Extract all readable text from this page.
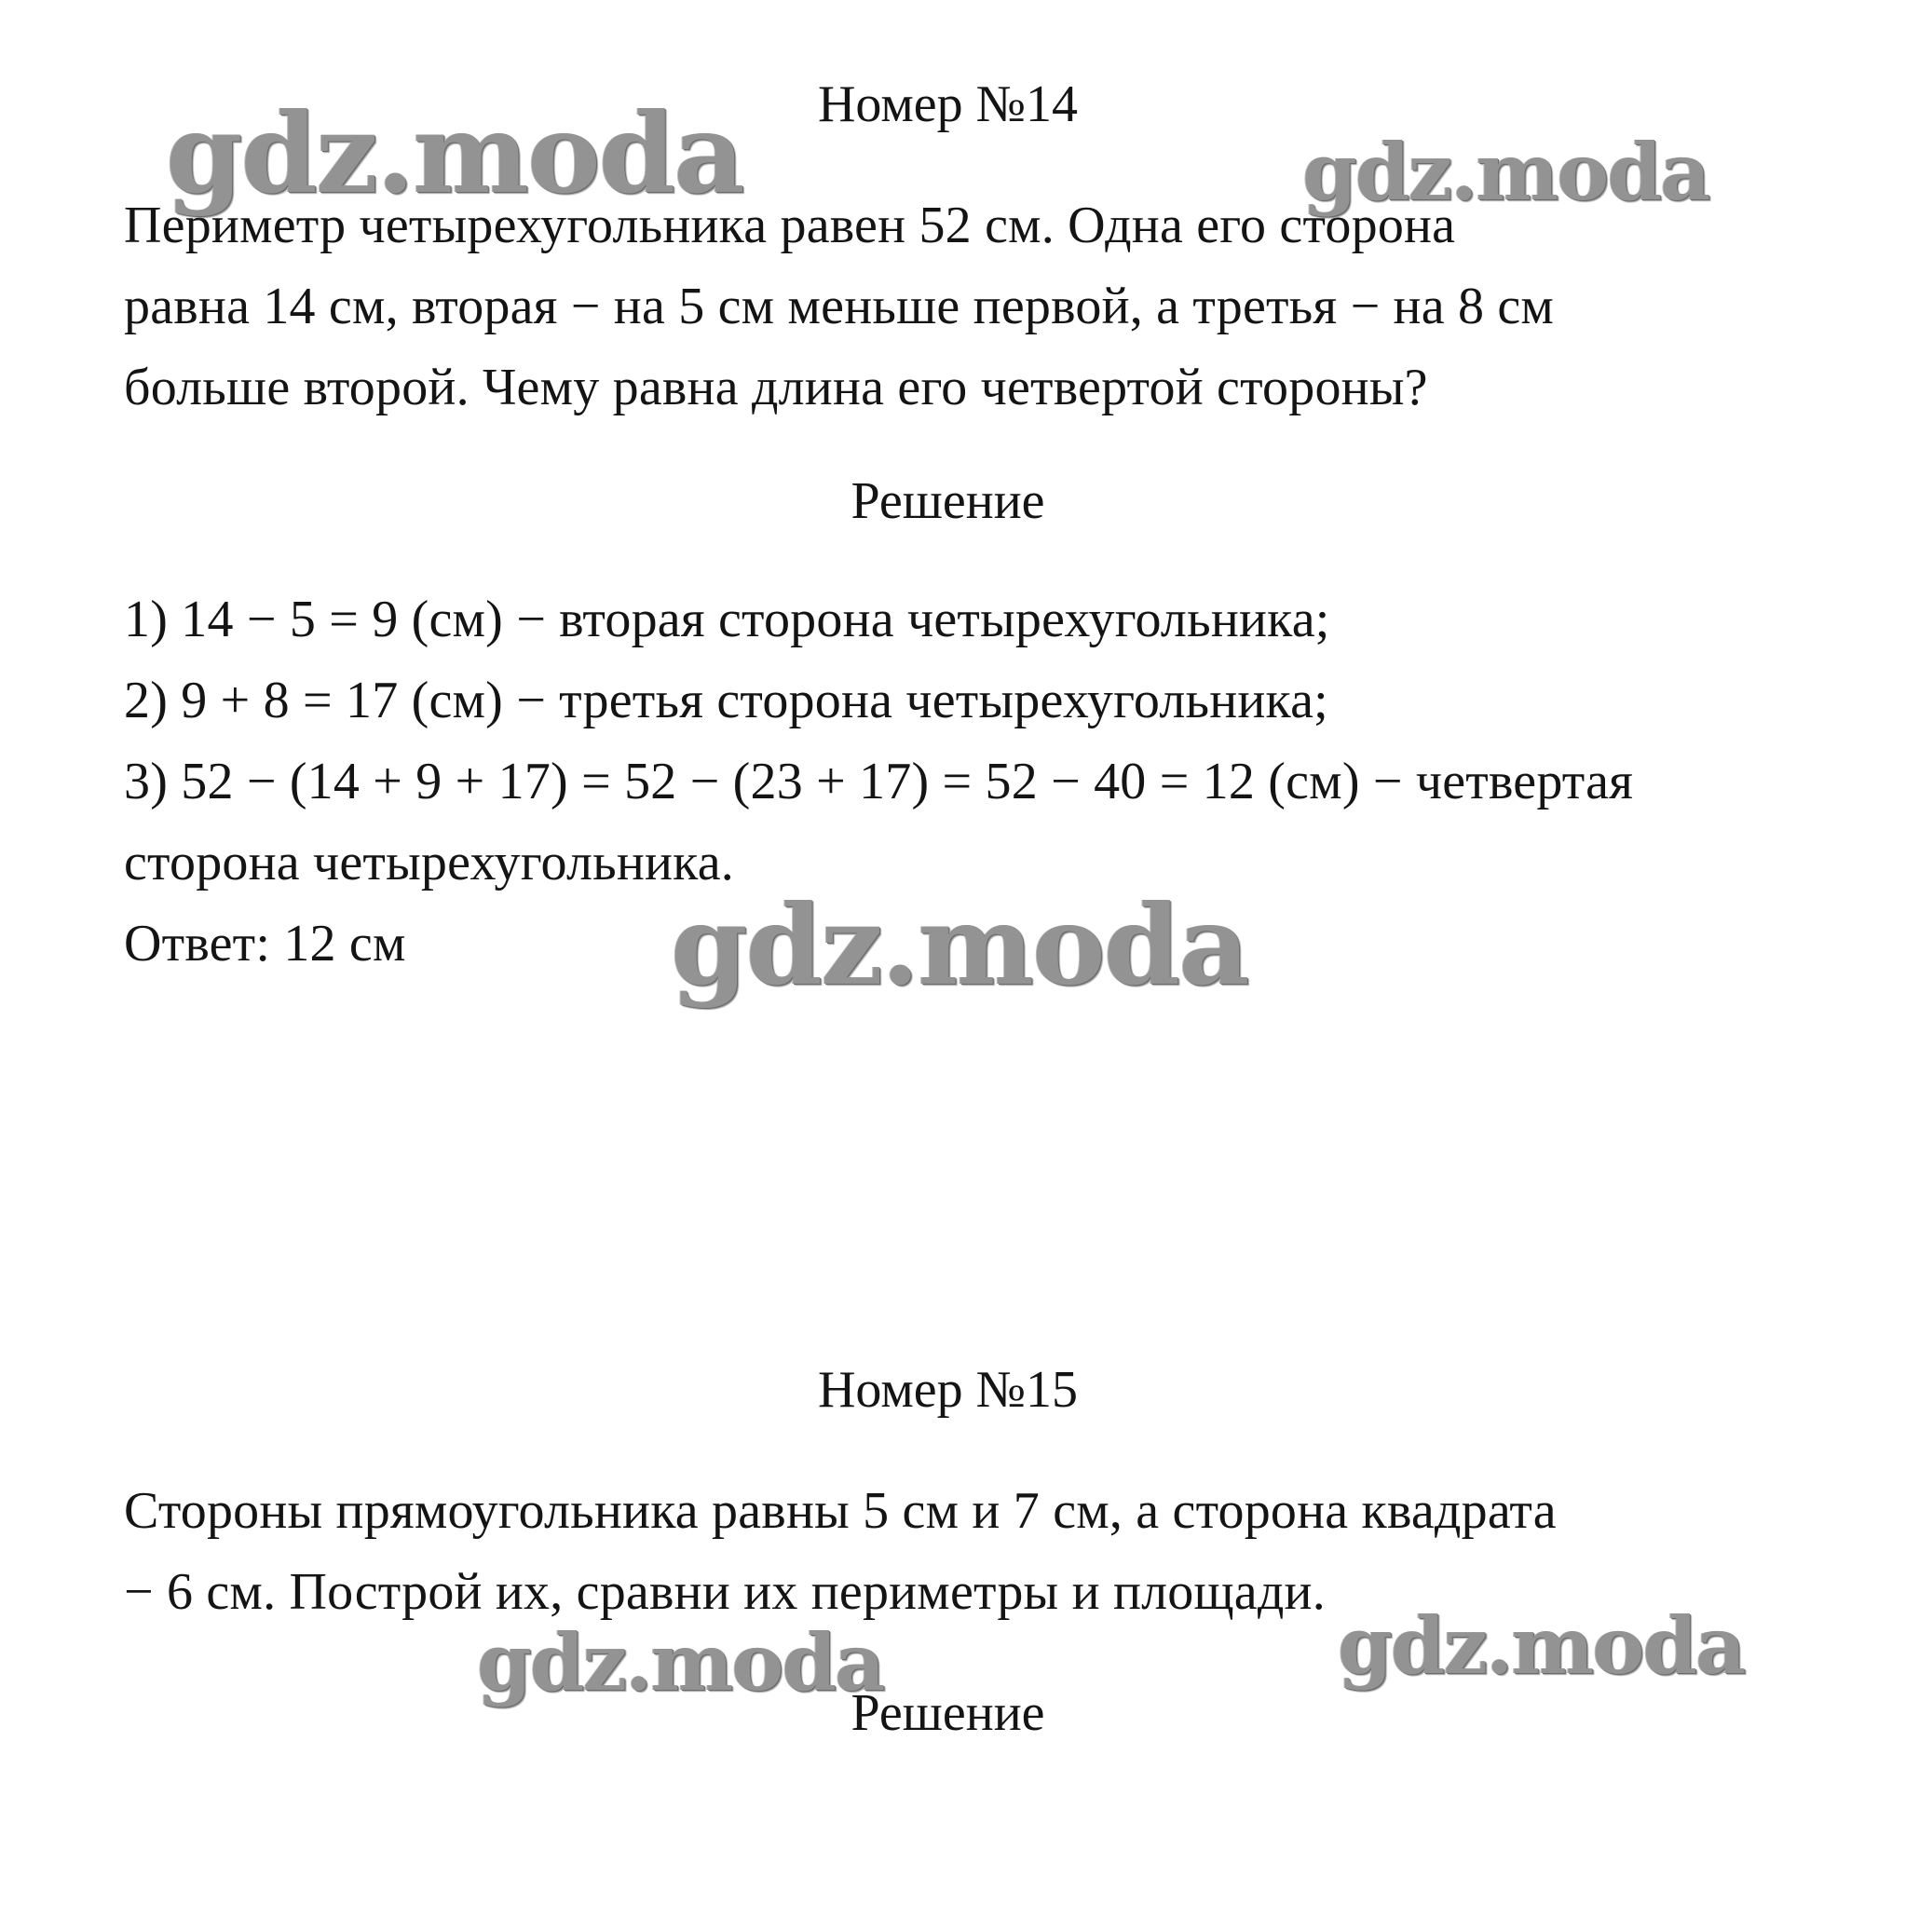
Номер №14
Периметр четырехугольника равен 52 см. Одна его сторона
равна 14 см, вторая − на 5 см меньше первой, а третья − на 8 см
больше второй. Чему равна длина его четвертой стороны?
Решение
1) 14 − 5 = 9 (см) − вторая сторона четырехугольника;
2) 9 + 8 = 17 (см) − третья сторона четырехугольника;
3) 52 − (14 + 9 + 17) = 52 − (23 + 17) = 52 − 40 = 12 (см) − четвертая
сторона четырехугольника.
Ответ: 12 см
Номер №15
Стороны прямоугольника равны 5 см и 7 см, а сторона квадрата
− 6 см. Построй их, сравни их периметры и площади.
Решение
gdz.moda	gdz.moda
gdz.moda
gdz.moda	gdz.moda
